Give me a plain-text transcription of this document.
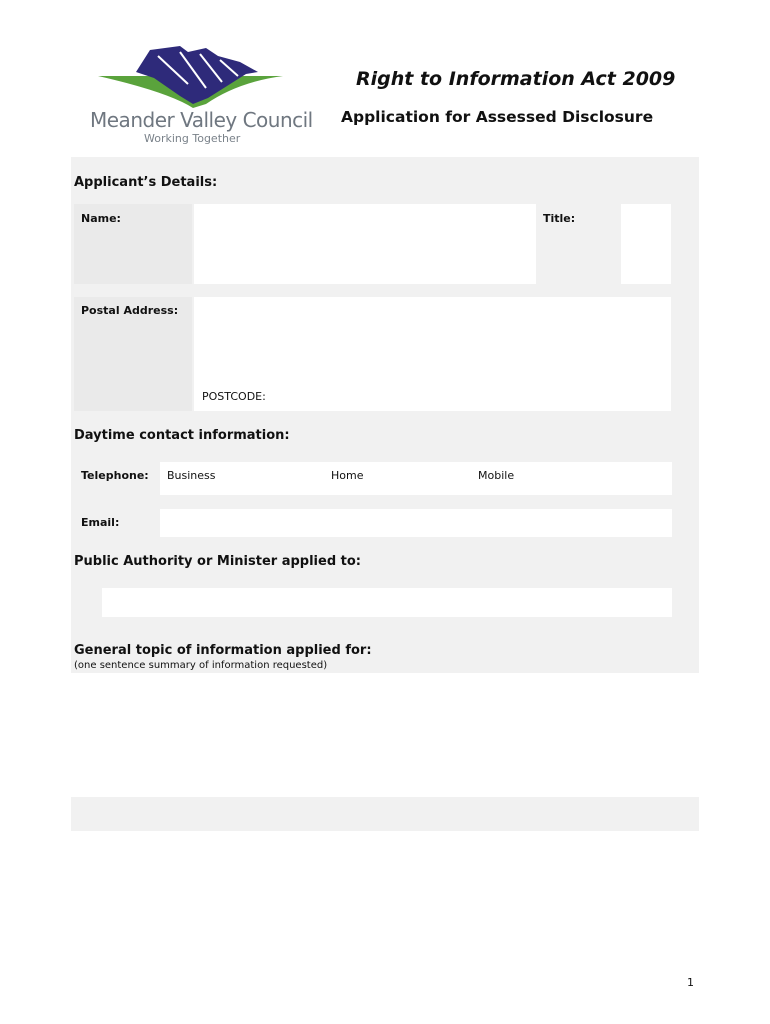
Meander Valley Council
Working Together
Right to Information Act 2009
Application for Assessed Disclosure
Applicant’s Details:
Name:	Title:
Postal Address:
POSTCODE:
Daytime contact information:
Telephone: Business	Home	Mobile
Email:
Public Authority or Minister applied to:
General topic of information applied for:
(one sentence summary of information requested)
1
